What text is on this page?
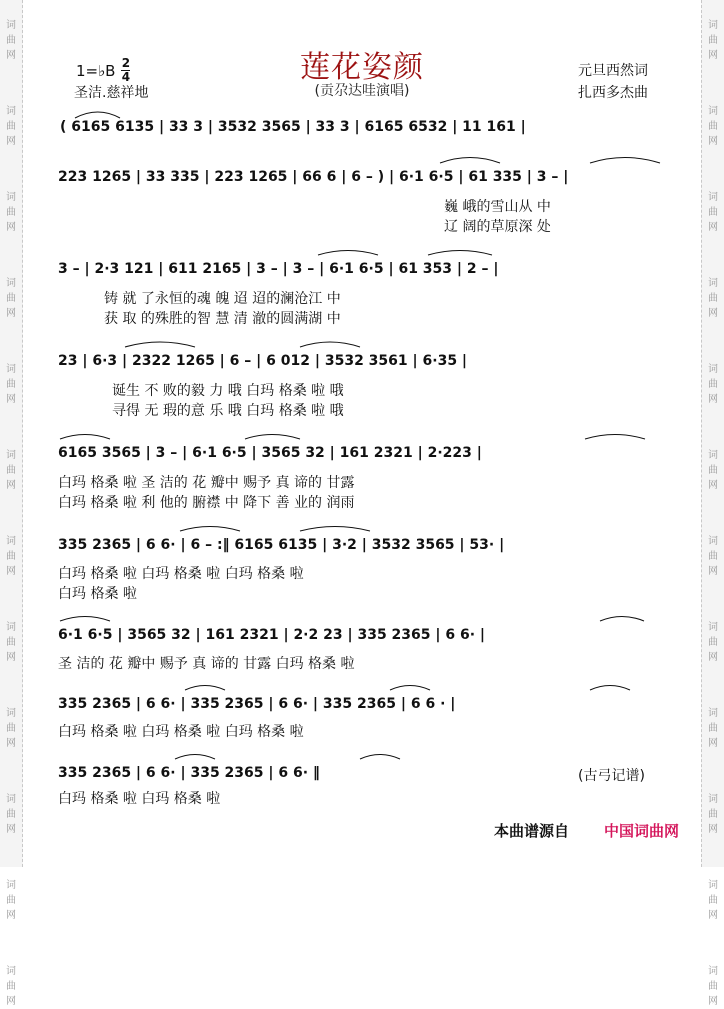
词
曲
网
词
曲
网
词
曲
网
词
曲
网
词
曲
网
词
曲
网
词
曲
网
词
曲
网
词
曲
网
词
曲
网
词
曲
网
词
曲
网
词
曲
网
词
曲
网
词
曲
网
词
曲
网
词
曲
网
词
曲
网
词
曲
网
词
曲
网
词
曲
网
词
曲
网
词
曲
网
词
曲
网
莲花姿颜
(贡尕达哇演唱)
1=♭B 2
4
圣洁.慈祥地
元旦西然词
扎西多杰曲
( 6165 6135 | 33 3 | 3532 3565 | 33 3 | 6165 6532 | 11 161 |
223 1265 | 33 335 | 223 1265 | 66 6 | 6 – ) | 6·1 6·5 | 61 335 | 3 – |
巍 峨的雪山从 中
辽 阔的草原深 处
3 – | 2·3 121 | 611 2165 | 3 – | 3 – | 6·1 6·5 | 61 353 | 2 – |
铸 就 了永恒的魂 魄 迢 迢的澜沧江 中
获 取 的殊胜的智 慧 清 澈的圆满湖 中
23 | 6·3 | 2322 1265 | 6 – | 6 012 | 3532 3561 | 6·35 |
诞生 不 败的毅 力 哦 白玛 格桑 啦 哦
寻得 无 瑕的意 乐 哦 白玛 格桑 啦 哦
6165 3565 | 3 – | 6·1 6·5 | 3565 32 | 161 2321 | 2·223 |
白玛 格桑 啦 圣 洁的 花 瓣中 赐予 真 谛的 甘露
白玛 格桑 啦 利 他的 腑襟 中 降下 善 业的 润雨
335 2365 | 6 6· | 6 – :‖ 6165 6135 | 3·2 | 3532 3565 | 53· |
白玛 格桑 啦 白玛 格桑 啦 白玛 格桑 啦
白玛 格桑 啦
6·1 6·5 | 3565 32 | 161 2321 | 2·2 23 | 335 2365 | 6 6· |
圣 洁的 花 瓣中 赐予 真 谛的 甘露 白玛 格桑 啦
335 2365 | 6 6· | 335 2365 | 6 6· | 335 2365 | 6 6 · |
白玛 格桑 啦 白玛 格桑 啦 白玛 格桑 啦
335 2365 | 6 6· | 335 2365 | 6 6· ‖
白玛 格桑 啦 白玛 格桑 啦
(古弓记谱)
本曲谱源自 中国词曲网
